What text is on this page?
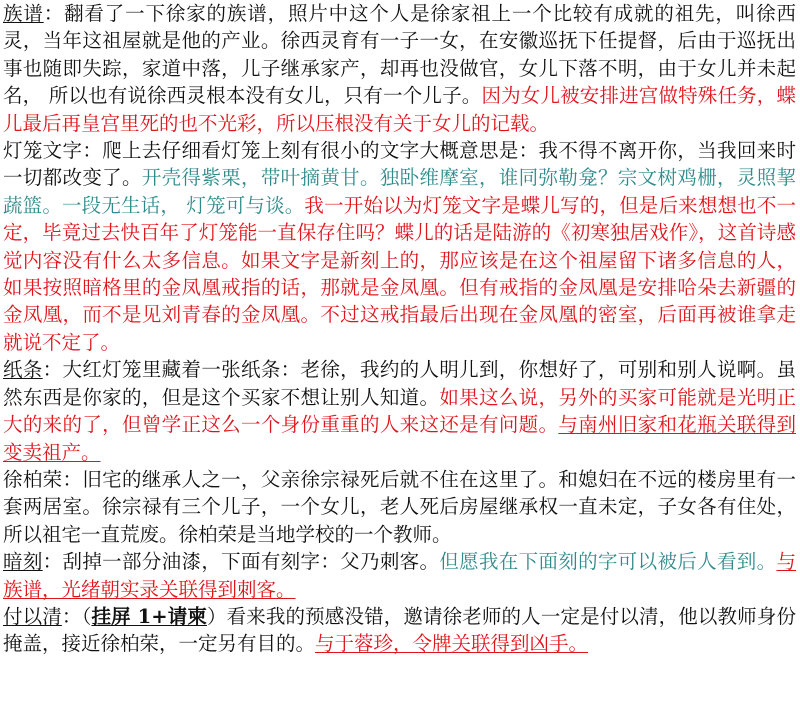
族谱：翻看了一下徐家的族谱，照片中这个人是徐家祖上一个比较有成就的祖先，叫徐西灵，当年这祖屋就是他的产业。徐西灵育有一子一女，在安徽巡抚下任提督，后由于巡抚出事也随即失踪，家道中落，儿子继承家产，却再也没做官，女儿下落不明，由于女儿并未起名， 所以也有说徐西灵根本没有女儿，只有一个儿子。因为女儿被安排进宫做特殊任务，蝶儿最后再皇宫里死的也不光彩，所以压根没有关于女儿的记载。

灯笼文字：爬上去仔细看灯笼上刻有很小的文字大概意思是：我不得不离开你，当我回来时一切都改变了。开壳得紫栗，带叶摘黄甘。独卧维摩室，谁同弥勒龛？宗文树鸡栅，灵照挈蔬篮。一段无生话， 灯笼可与谈。我一开始以为灯笼文字是蝶儿写的，但是后来想想也不一定，毕竟过去快百年了灯笼能一直保存住吗？蝶儿的话是陆游的《初寒独居戏作》，这首诗感觉内容没有什么太多信息。如果文字是新刻上的，那应该是在这个祖屋留下诸多信息的人，如果按照暗格里的金凤凰戒指的话，那就是金凤凰。但有戒指的金凤凰是安排哈朵去新疆的金凤凰，而不是见刘青春的金凤凰。不过这戒指最后出现在金凤凰的密室，后面再被谁拿走就说不定了。

纸条：大红灯笼里藏着一张纸条：老徐，我约的人明儿到，你想好了，可别和别人说啊。虽然东西是你家的，但是这个买家不想让别人知道。如果这么说，另外的买家可能就是光明正大的来的了，但曾学正这么一个身份重重的人来这还是有问题。与南州旧家和花瓶关联得到变卖祖产。

徐柏荣：旧宅的继承人之一，父亲徐宗禄死后就不住在这里了。和媳妇在不远的楼房里有一套两居室。徐宗禄有三个儿子，一个女儿，老人死后房屋继承权一直未定，子女各有住处，所以祖宅一直荒废。徐柏荣是当地学校的一个教师。

暗刻：刮掉一部分油漆，下面有刻字：父乃刺客。但愿我在下面刻的字可以被后人看到。与族谱，光绪朝实录关联得到刺客。

付以清：（挂屏 1+请柬）看来我的预感没错，邀请徐老师的人一定是付以清，他以教师身份掩盖，接近徐柏荣，一定另有目的。与于蓉珍，令牌关联得到凶手。
